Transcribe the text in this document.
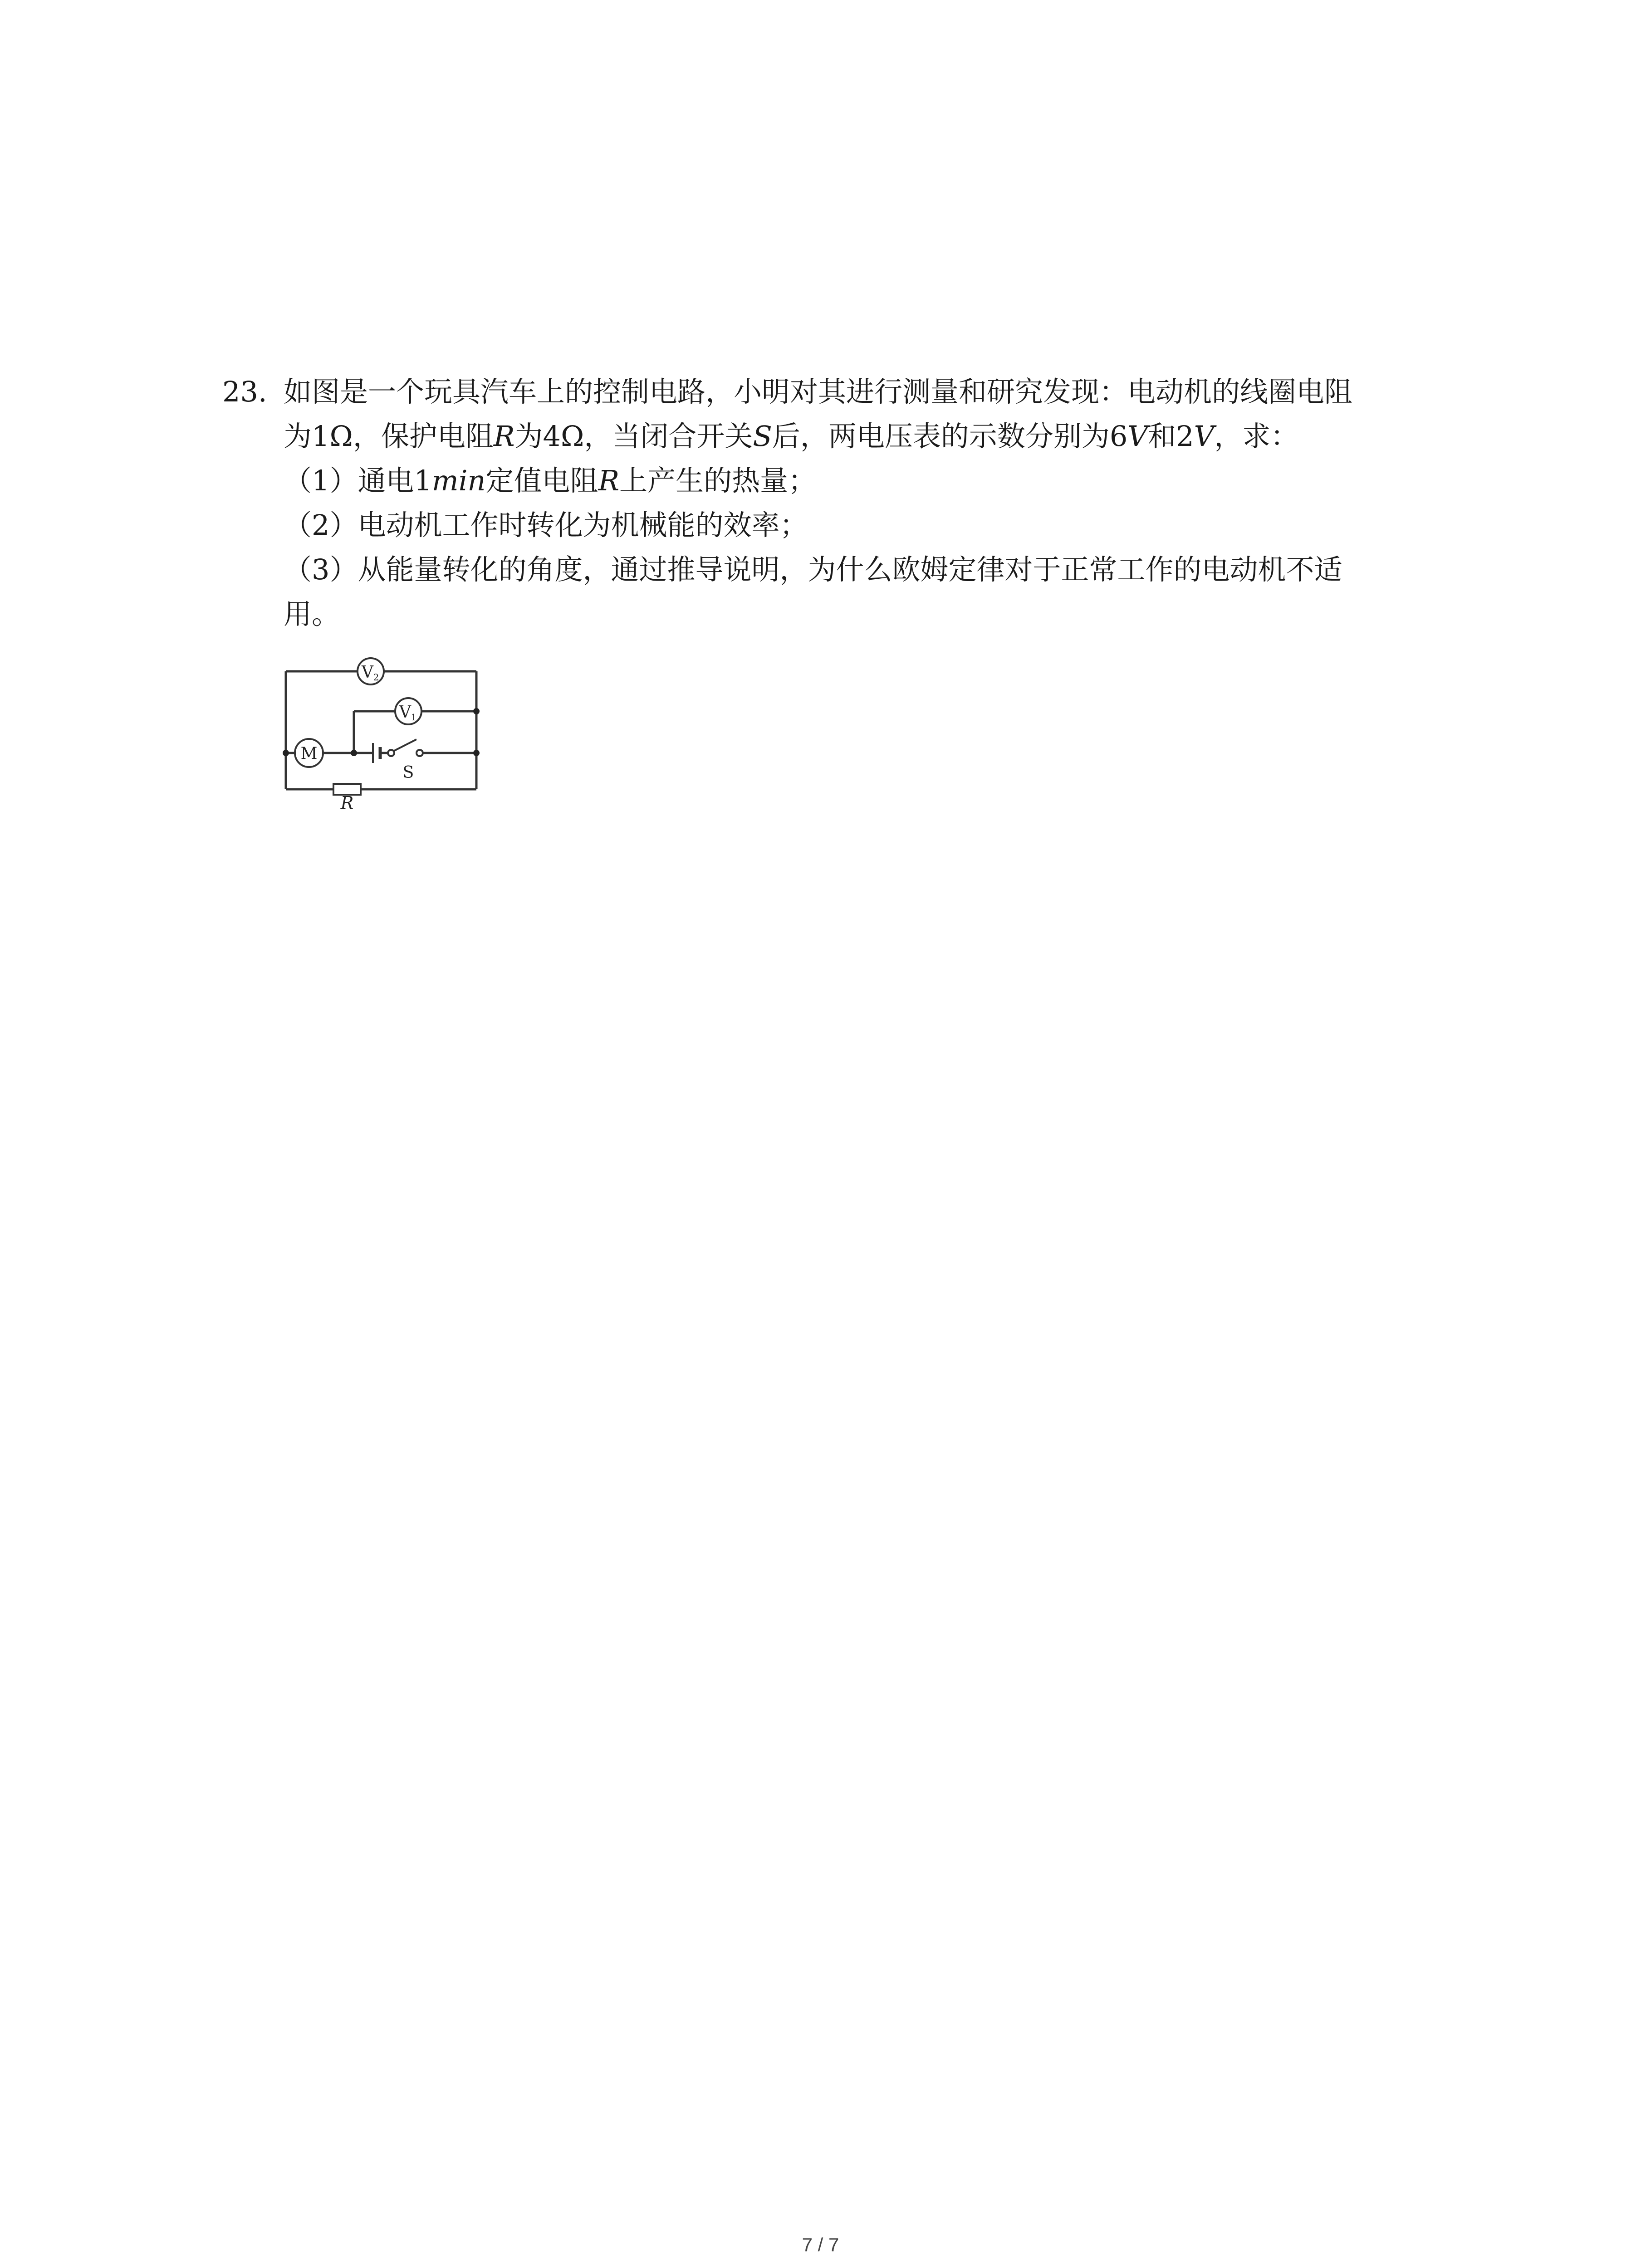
23. 如图是一个玩具汽车上的控制电路，小明对其进行测量和研究发现：电动机的线圈电阻
为1Ω，保护电阻R为4Ω，当闭合开关S后，两电压表的示数分别为6V和2V，求：
（1）通电1min定值电阻R上产生的热量；
（2）电动机工作时转化为机械能的效率；
（3）从能量转化的角度，通过推导说明，为什么欧姆定律对于正常工作的电动机不适
用。
V 2
V 1
M
S
R
7 / 7
